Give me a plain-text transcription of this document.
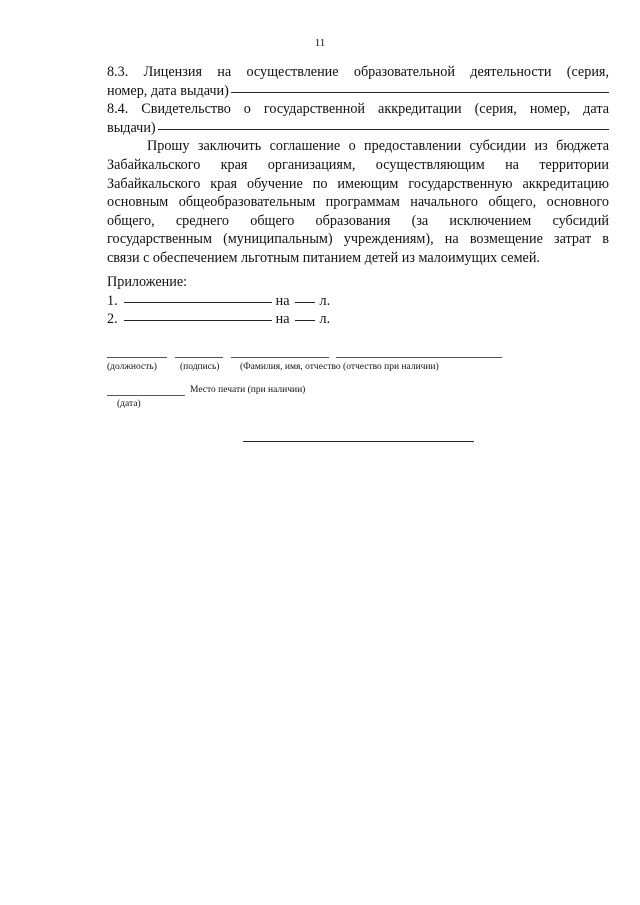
11

8.3. Лицензия на осуществление образовательной деятельности (серия,

номер, дата выдачи)

8.4. Свидетельство о государственной аккредитации (серия, номер, дата

выдачи)

Прошу заключить соглашение о предоставлении субсидии из бюджета

Забайкальского края организациям, осуществляющим на территории

Забайкальского края обучение по имеющим государственную аккредитацию

основным общеобразовательным программам начального общего, основного

общего, среднего общего образования (за исключением субсидий

государственным (муниципальным) учреждениям), на возмещение затрат в

связи с обеспечением льготным питанием детей из малоимущих семей.

Приложение:
1.	на л.
2.	на л.
(должность) (подпись) (Фамилия, имя, отчество (отчество при наличии)
Место печати (при наличии)
(дата)
